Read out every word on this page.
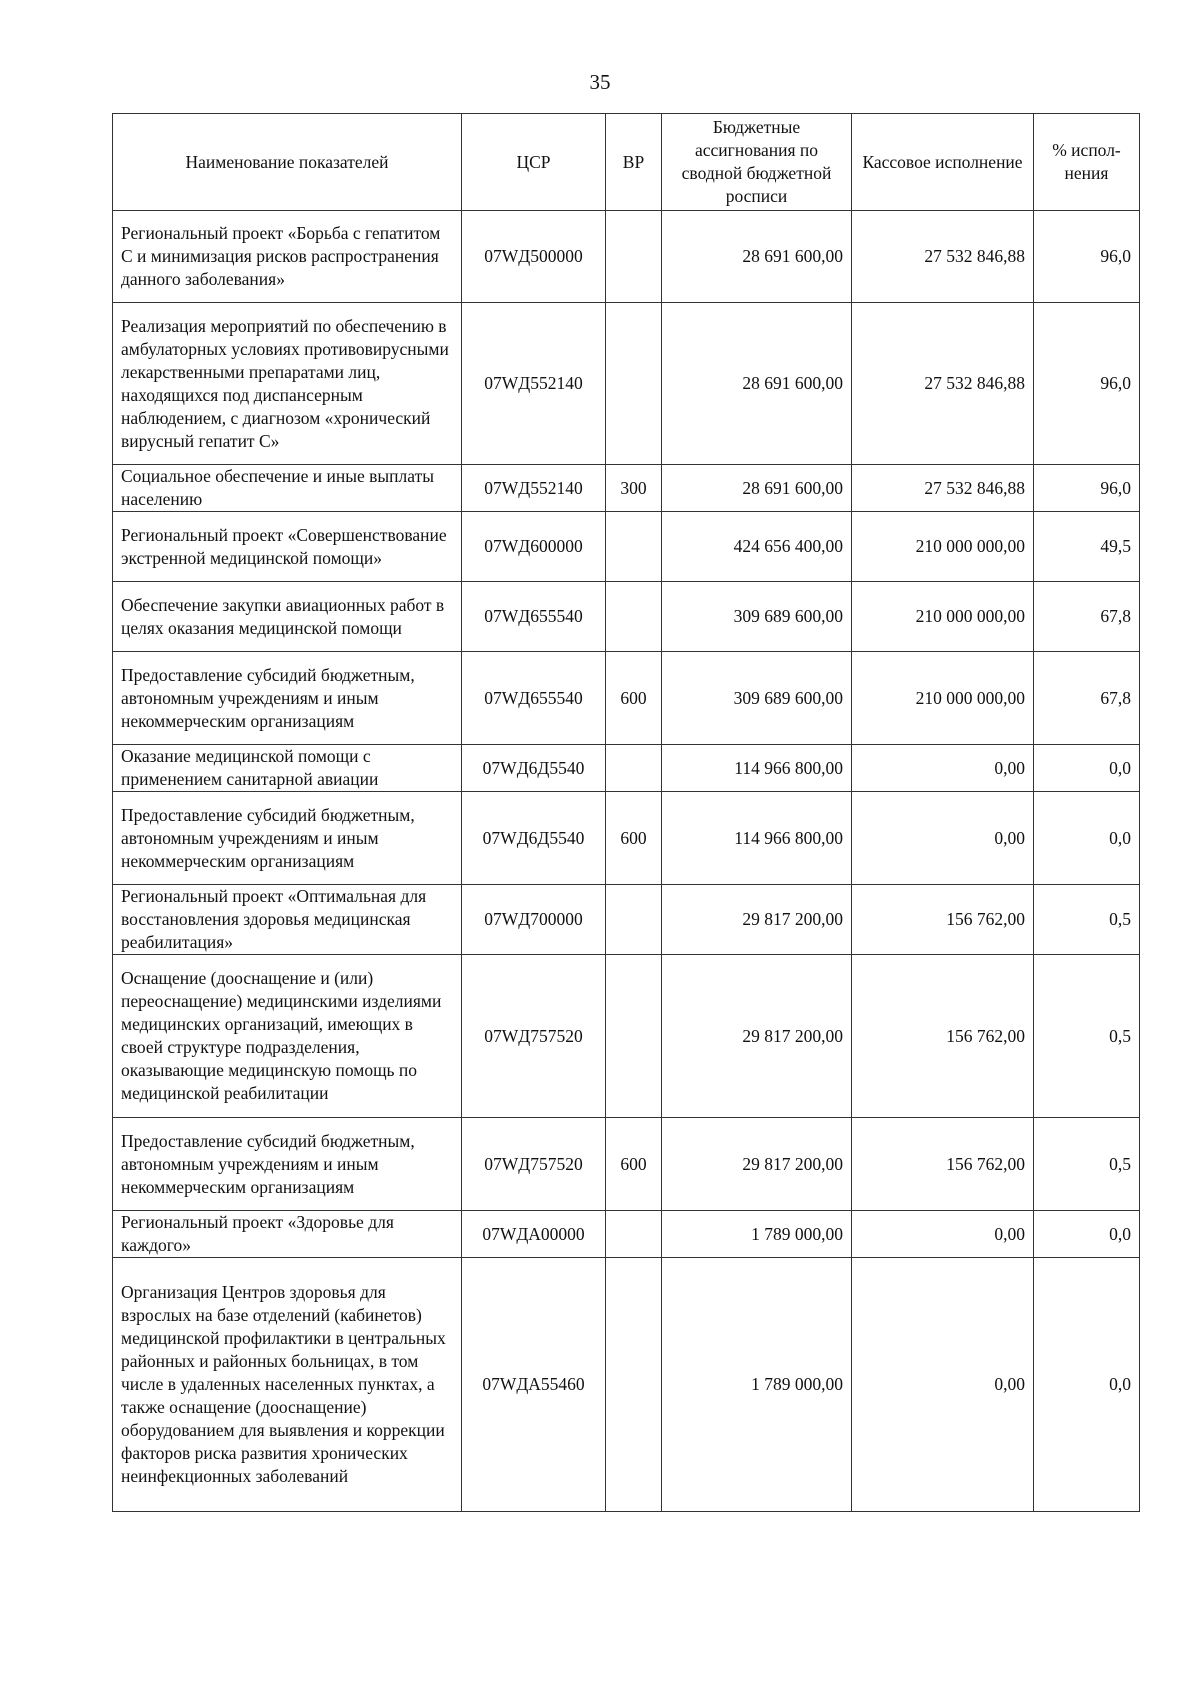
35
Наименование показателей	ЦСР	ВР	Бюджетные ассигнования по сводной бюджетной росписи	Кассовое исполнение	% испол-нения
Региональный проект «Борьба с гепатитом С и минимизация рисков распространения данного заболевания»	07WД500000		28 691 600,00	27 532 846,88	96,0
Реализация мероприятий по обеспечению в амбулаторных условиях противовирусными лекарственными препаратами лиц, находящихся под диспансерным наблюдением, с диагнозом «хронический вирусный гепатит С»	07WД552140		28 691 600,00	27 532 846,88	96,0
Социальное обеспечение и иные выплаты населению	07WД552140	300	28 691 600,00	27 532 846,88	96,0
Региональный проект «Совершенствование экстренной медицинской помощи»	07WД600000		424 656 400,00	210 000 000,00	49,5
Обеспечение закупки авиационных работ в целях оказания медицинской помощи	07WД655540		309 689 600,00	210 000 000,00	67,8
Предоставление субсидий бюджетным, автономным учреждениям и иным некоммерческим организациям	07WД655540	600	309 689 600,00	210 000 000,00	67,8
Оказание медицинской помощи с применением санитарной авиации	07WД6Д5540		114 966 800,00	0,00	0,0
Предоставление субсидий бюджетным, автономным учреждениям и иным некоммерческим организациям	07WД6Д5540	600	114 966 800,00	0,00	0,0
Региональный проект «Оптимальная для восстановления здоровья медицинская реабилитация»	07WД700000		29 817 200,00	156 762,00	0,5
Оснащение (дооснащение и (или) переоснащение) медицинскими изделиями медицинских организаций, имеющих в своей структуре подразделения, оказывающие медицинскую помощь по медицинской реабилитации	07WД757520		29 817 200,00	156 762,00	0,5
Предоставление субсидий бюджетным, автономным учреждениям и иным некоммерческим организациям	07WД757520	600	29 817 200,00	156 762,00	0,5
Региональный проект «Здоровье для каждого»	07WДА00000		1 789 000,00	0,00	0,0
Организация Центров здоровья для взрослых на базе отделений (кабинетов) медицинской профилактики в центральных районных и районных больницах, в том числе в удаленных населенных пунктах, а также оснащение (дооснащение) оборудованием для выявления и коррекции факторов риска развития хронических неинфекционных заболеваний	07WДА55460		1 789 000,00	0,00	0,0
